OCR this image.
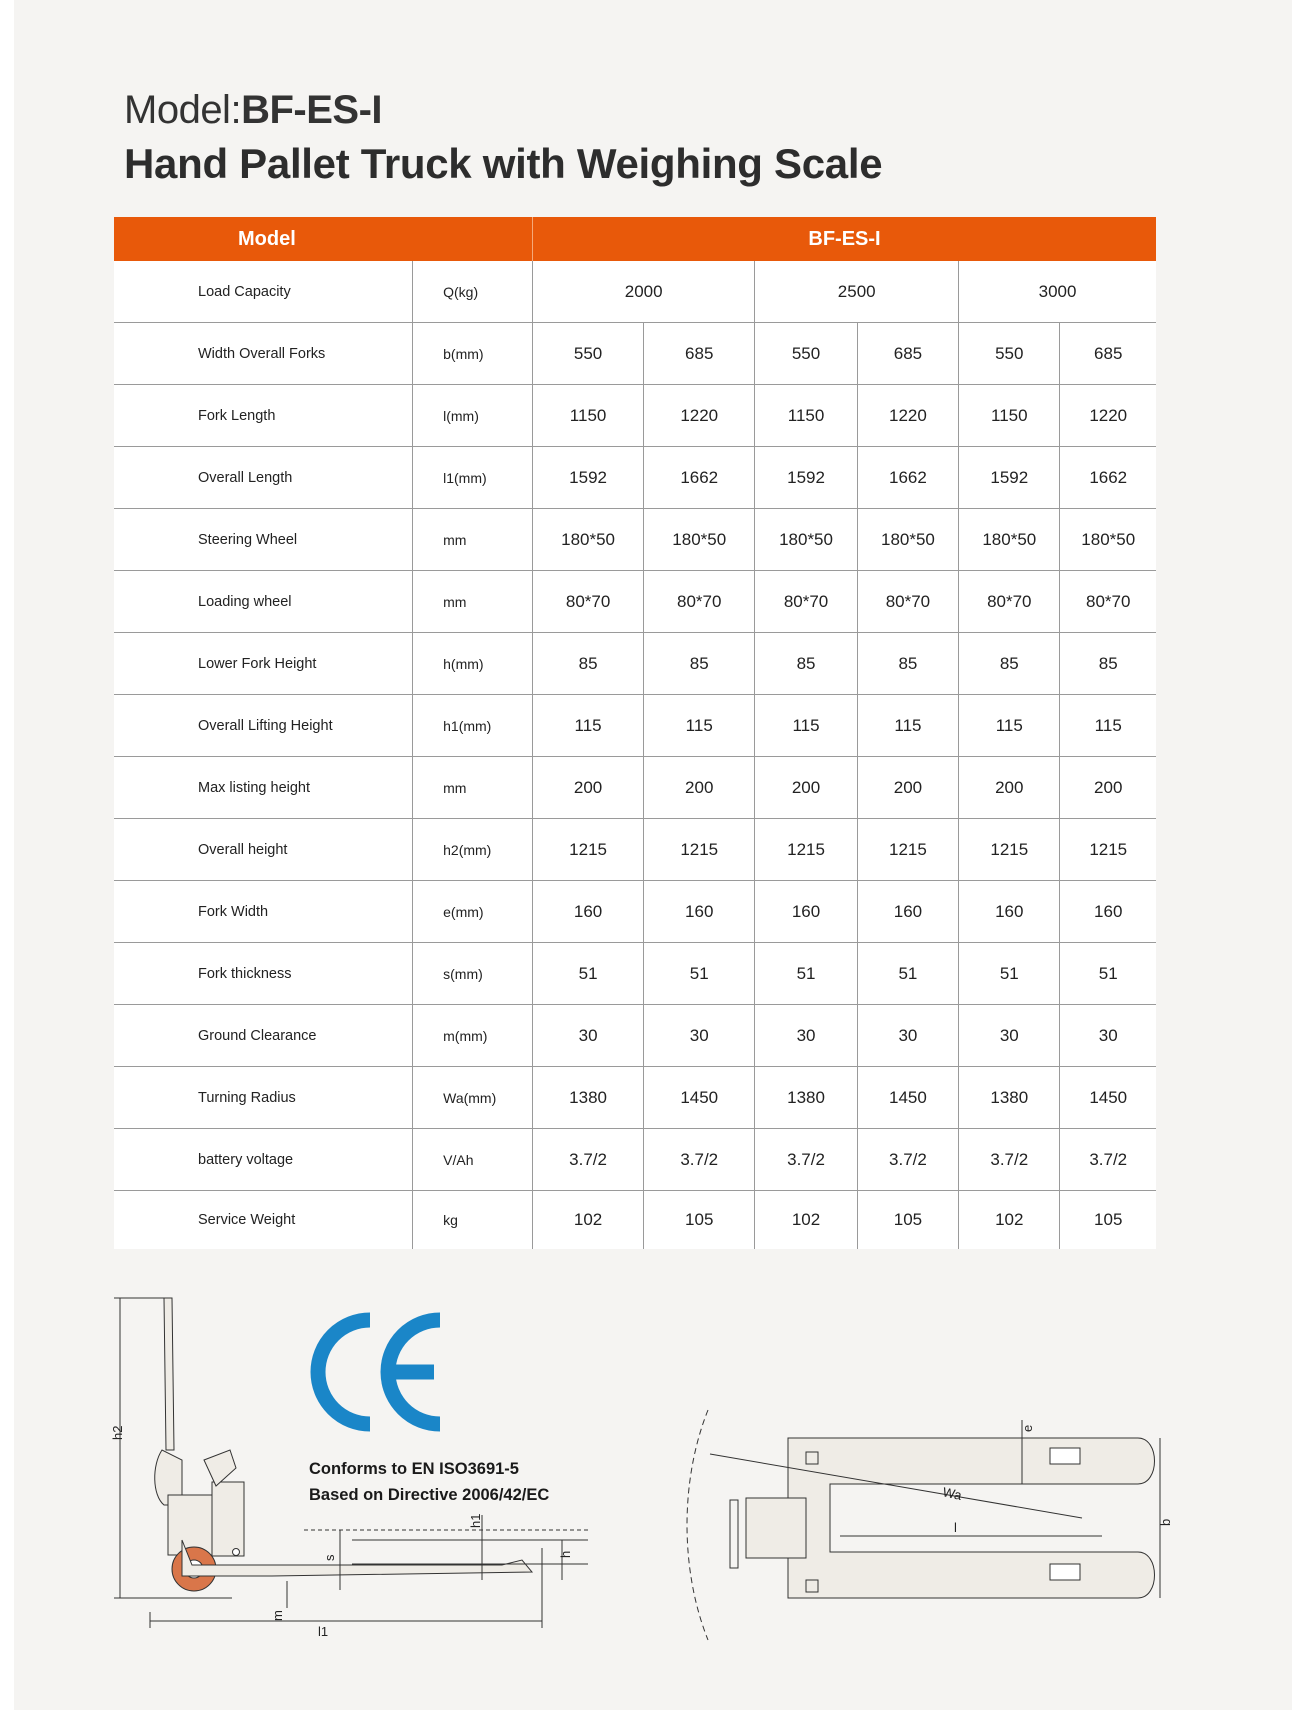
Model:BF-ES-I
Hand Pallet Truck with Weighing Scale
Model		BF-ES-I					
Load Capacity	Q(kg)	2000		2500		3000	
Width Overall Forks	b(mm)	550	685	550	685	550	685
Fork Length	l(mm)	1150	1220	1150	1220	1150	1220
Overall Length	l1(mm)	1592	1662	1592	1662	1592	1662
Steering Wheel	mm	180*50	180*50	180*50	180*50	180*50	180*50
Loading wheel	mm	80*70	80*70	80*70	80*70	80*70	80*70
Lower Fork Height	h(mm)	85	85	85	85	85	85
Overall Lifting Height	h1(mm)	115	115	115	115	115	115
Max listing height	mm	200	200	200	200	200	200
Overall height	h2(mm)	1215	1215	1215	1215	1215	1215
Fork Width	e(mm)	160	160	160	160	160	160
Fork thickness	s(mm)	51	51	51	51	51	51
Ground Clearance	m(mm)	30	30	30	30	30	30
Turning Radius	Wa(mm)	1380	1450	1380	1450	1380	1450
battery voltage	V/Ah	3.7/2	3.7/2	3.7/2	3.7/2	3.7/2	3.7/2
Service Weight	kg	102	105	102	105	102	105
h2
h1
h
s
m
l1
Conforms to EN ISO3691-5
Based on Directive 2006/42/EC
e
Wa
l	b
